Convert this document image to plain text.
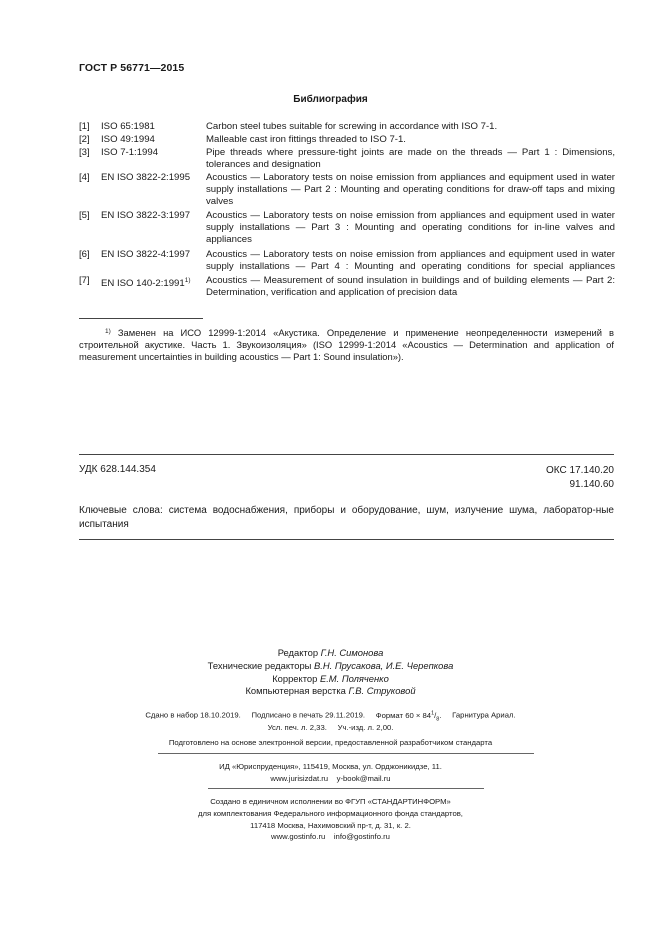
ГОСТ Р 56771—2015
Библиография
[1] ISO 65:1981	Carbon steel tubes suitable for screwing in accordance with ISO 7-1.
[2] ISO 49:1994	Malleable cast iron fittings threaded to ISO 7-1.
[3] ISO 7-1:1994	Pipe threads where pressure-tight joints are made on the threads — Part 1 : Dimensions, tolerances and designation
[4] EN ISO 3822-2:1995 Acoustics — Laboratory tests on noise emission from appliances and equipment used in water supply installations — Part 2 : Mounting and operating conditions for draw-off taps and mixing valves
[5] EN ISO 3822-3:1997 Acoustics — Laboratory tests on noise emission from appliances and equipment used in water supply installations — Part 3 : Mounting and operating conditions for in-line valves and appliances
[6] EN ISO 3822-4:1997 Acoustics — Laboratory tests on noise emission from appliances and equipment used in water supply installations — Part 4 : Mounting and operating conditions for special appliances
[7] EN ISO 140-2:1991$^{1)}$ Acoustics — Measurement of sound insulation in buildings and of building elements — Part 2: Determination, verification and application of precision data
$^{1)}$ Заменен на ИСО 12999-1:2014 «Акустика. Определение и применение неопределенности измерений в строительной акустике. Часть 1. Звукоизоляция» (ISO 12999-1:2014 «Acoustics — Determination and application of measurement uncertainties in building acoustics — Part 1: Sound insulation»).
УДК 628.144.354	ОКС 17.140.20
91.140.60
Ключевые слова: система водоснабжения, приборы и оборудование, шум, излучение шума, лаборатор-ные испытания
Редактор Г.Н. Симонова
Технические редакторы В.Н. Прусакова, И.Е. Черепкова
Корректор Е.М. Поляченко
Компьютерная верстка Г.В. Струковой
Сдано в набор 18.10.2019. Подписано в печать 29.11.2019. Формат $60 \times 84^1/_8$. Гарнитура Ариал.
Усл. печ. л. 2,33. Уч.-изд. л. 2,00.
Подготовлено на основе электронной версии, предоставленной разработчиком стандарта
ИД «Юриспруденция», 115419, Москва, ул. Орджоникидзе, 11.
www.jurisizdat.ru y-book@mail.ru
Создано в единичном исполнении во ФГУП «СТАНДАРТИНФОРМ»
для комплектования Федерального информационного фонда стандартов,
117418 Москва, Нахимовский пр-т, д. 31, к. 2.
www.gostinfo.ru info@gostinfo.ru
